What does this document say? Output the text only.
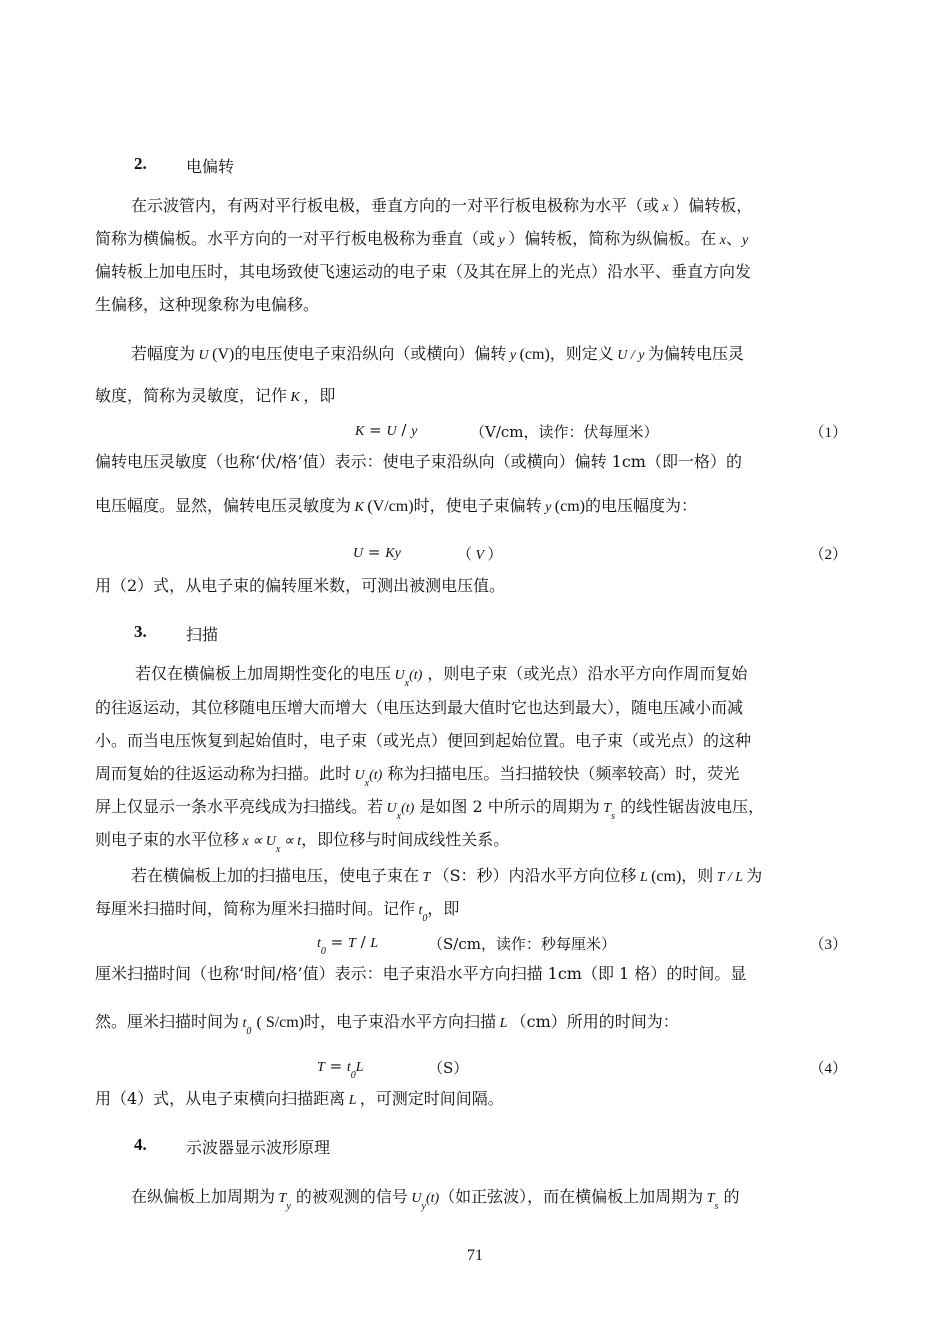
2. 电偏转
在示波管内，有两对平行板电极，垂直方向的一对平行板电极称为水平（或 x ）偏转板，
简称为横偏板。水平方向的一对平行板电极称为垂直（或 y ）偏转板，简称为纵偏板。在 x、y
偏转板上加电压时，其电场致使飞速运动的电子束（及其在屏上的光点）沿水平、垂直方向发
生偏移，这种现象称为电偏移。
若幅度为 U (V)的电压使电子束沿纵向（或横向）偏转 y (cm)，则定义 U / y 为偏转电压灵
敏度，简称为灵敏度，记作 K ，即
K = U / y	（V/cm，读作：伏每厘米）	（1）
偏转电压灵敏度（也称‘伏/格’值）表示：使电子束沿纵向（或横向）偏转 1cm（即一格）的
电压幅度。显然，偏转电压灵敏度为 K (V/cm)时，使电子束偏转 y (cm)的电压幅度为：
U = Ky	（ V ）	（2）
用（2）式，从电子束的偏转厘米数，可测出被测电压值。
3. 扫描
若仅在横偏板上加周期性变化的电压 $U_x(t)$ ，则电子束（或光点）沿水平方向作周而复始
的往返运动，其位移随电压增大而增大（电压达到最大值时它也达到最大），随电压减小而减
小。而当电压恢复到起始值时，电子束（或光点）便回到起始位置。电子束（或光点）的这种
周而复始的往返运动称为扫描。此时 $U_x(t)$ 称为扫描电压。当扫描较快（频率较高）时，荧光
屏上仅显示一条水平亮线成为扫描线。若 $U_x(t)$ 是如图 2 中所示的周期为 $T_s$ 的线性锯齿波电压，
则电子束的水平位移 $x \propto U_x \propto t$，即位移与时间成线性关系。
若在横偏板上加的扫描电压，使电子束在 T （S：秒）内沿水平方向位移 L (cm)，则 T / L 为
每厘米扫描时间，简称为厘米扫描时间。记作 $t_0$，即
$t_0 = T / L$	（S/cm，读作：秒每厘米）	（3）
厘米扫描时间（也称‘时间/格’值）表示：电子束沿水平方向扫描 1cm（即 1 格）的时间。显
然。厘米扫描时间为 $t_0$ ( S/cm)时，电子束沿水平方向扫描 L （cm）所用的时间为：
$T = t_0L$	（S）	（4）
用（4）式，从电子束横向扫描距离 L ，可测定时间间隔。
4. 示波器显示波形原理
在纵偏板上加周期为 $T_y$ 的被观测的信号 $U_y(t)$（如正弦波），而在横偏板上加周期为 $T_s$ 的
71
